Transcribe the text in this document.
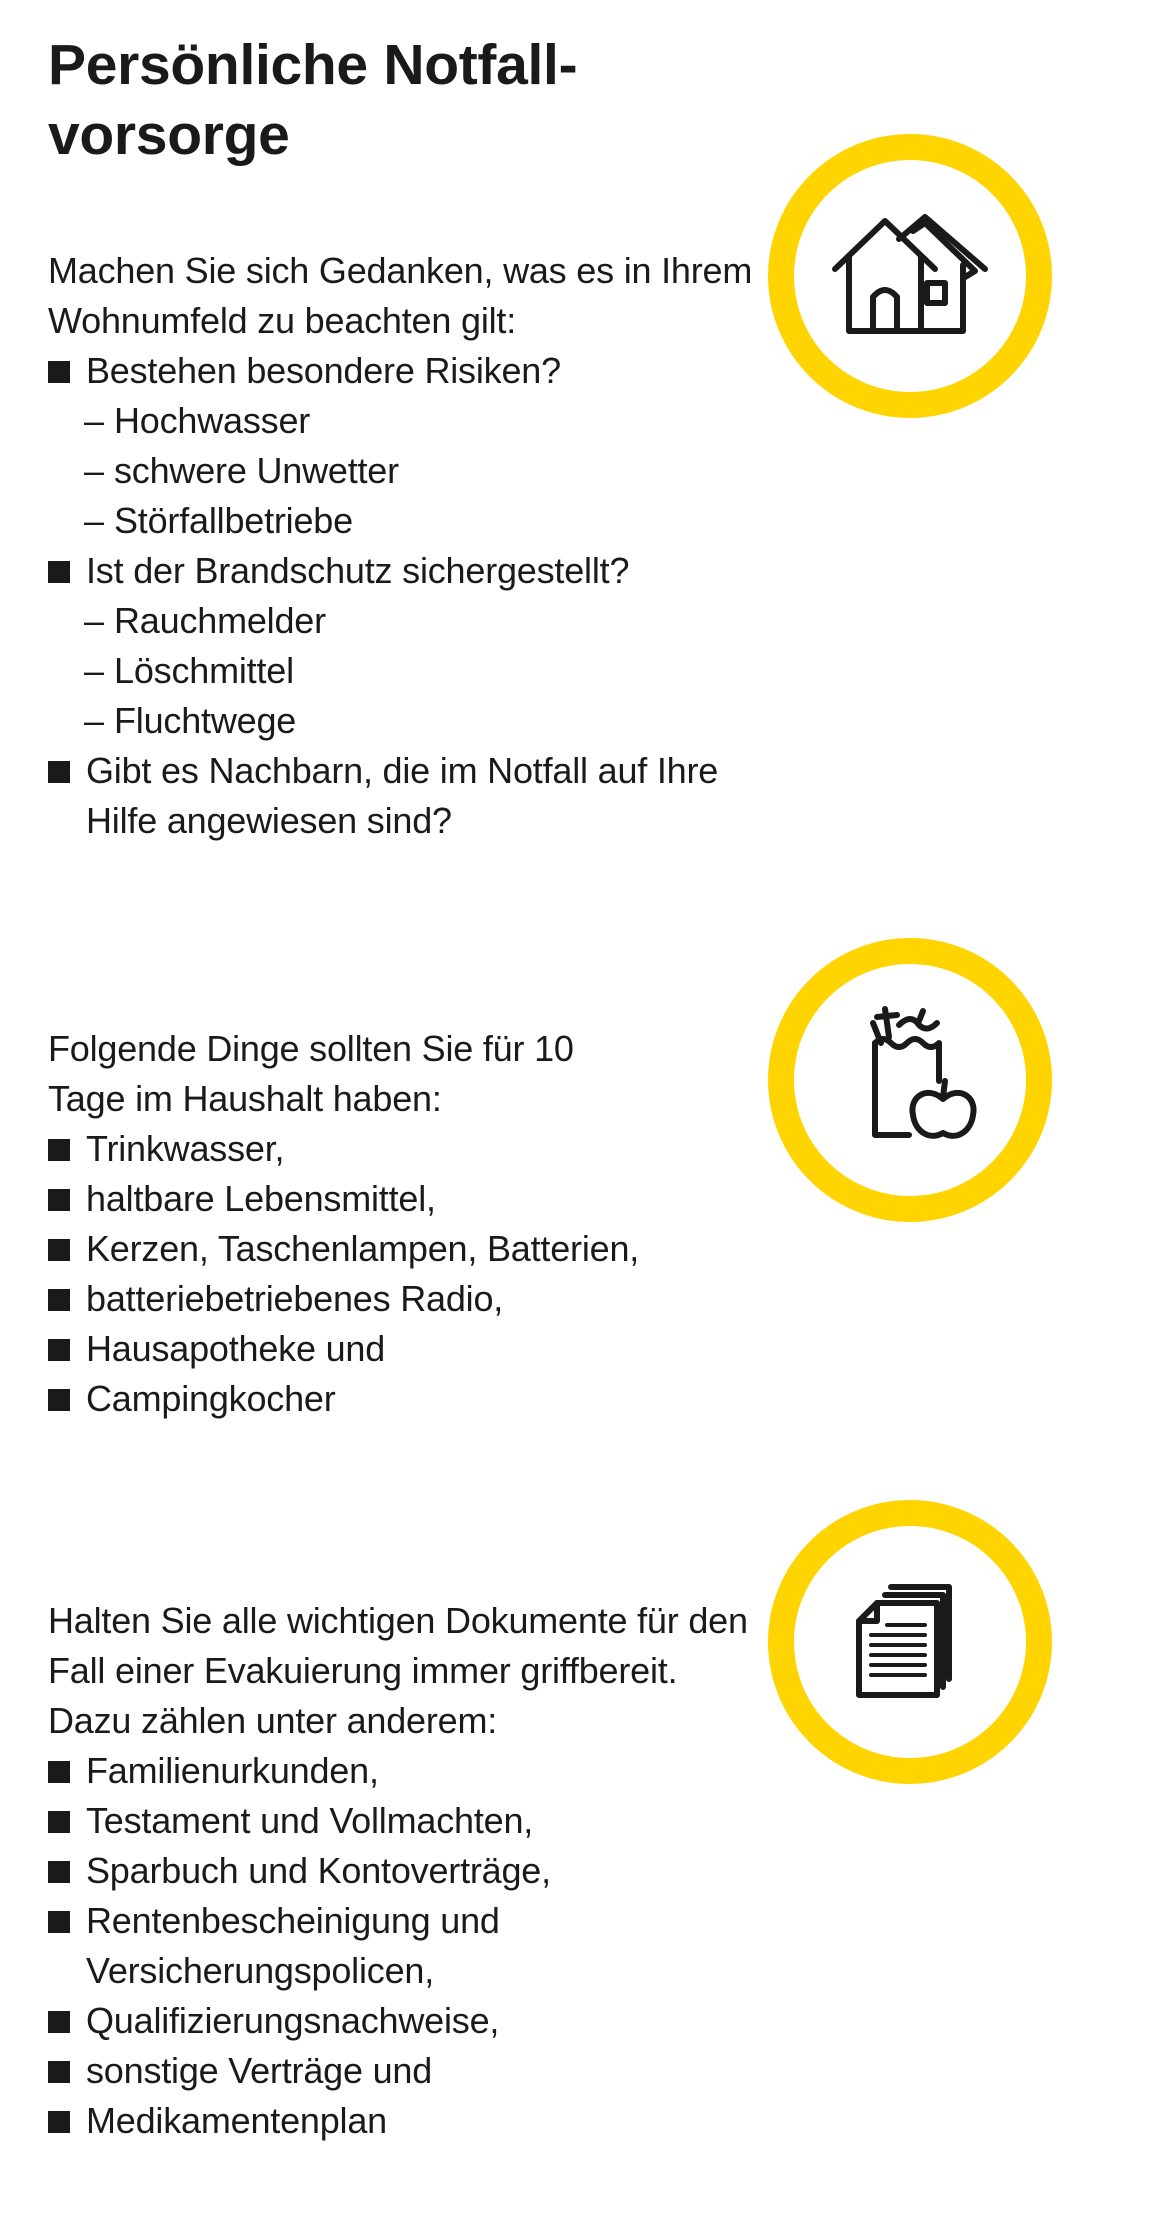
Persönliche Notfall-
vorsorge

Machen Sie sich Gedanken, was es in Ihrem Wohnumfeld zu beachten gilt:

Bestehen besondere Risiken?
– Hochwasser
– schwere Unwetter
– Störfallbetriebe
Ist der Brandschutz sichergestellt?
– Rauchmelder
– Löschmittel
– Fluchtwege
Gibt es Nachbarn, die im Notfall auf Ihre Hilfe angewiesen sind?

Folgende Dinge sollten Sie für 10 Tage im Haushalt haben:

Trinkwasser,
haltbare Lebensmittel,
Kerzen, Taschenlampen, Batterien,
batteriebetriebenes Radio,
Hausapotheke und
Campingkocher

Halten Sie alle wichtigen Dokumente für den Fall einer Evakuierung immer griffbereit.

Dazu zählen unter anderem:

Familienurkunden,
Testament und Vollmachten,
Sparbuch und Kontoverträge,
Rentenbescheinigung und Versicherungspolicen,
Qualifizierungsnachweise,
sonstige Verträge und
Medikamentenplan
